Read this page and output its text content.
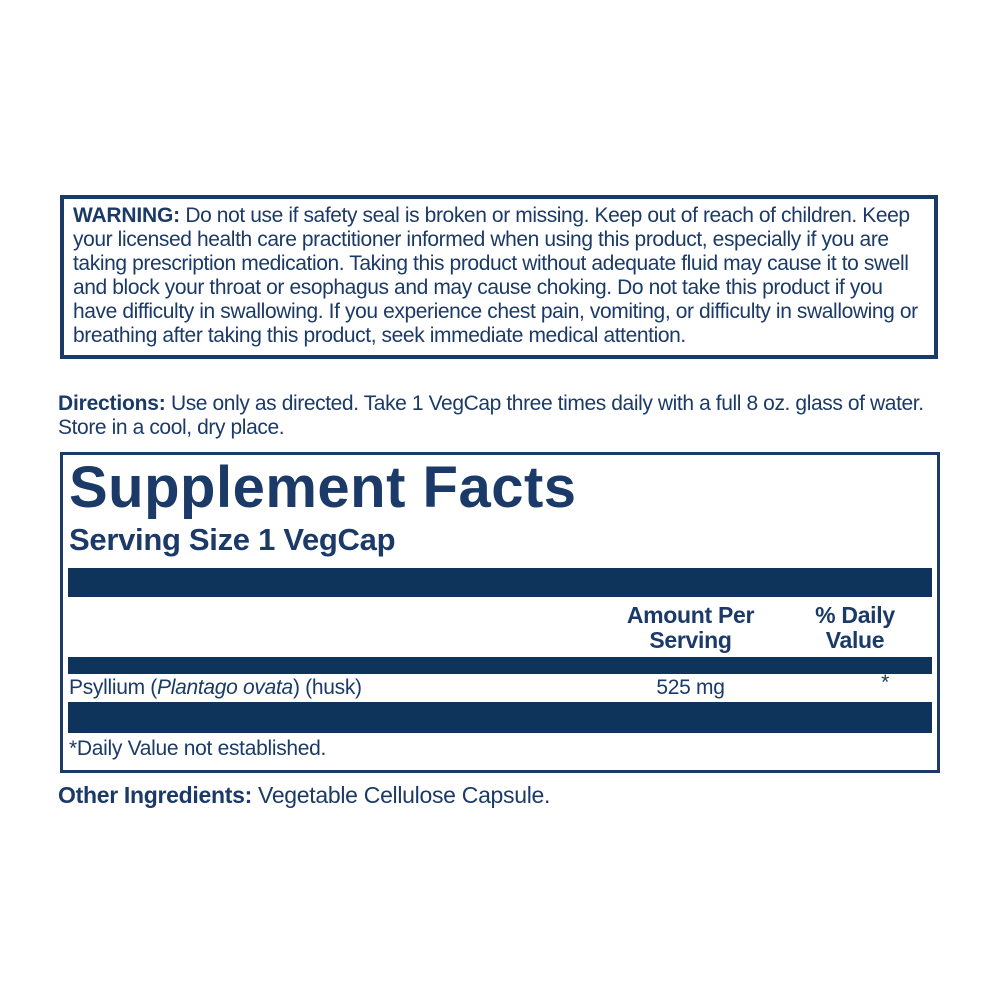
WARNING: Do not use if safety seal is broken or missing. Keep out of reach of children. Keep your licensed health care practitioner informed when using this product, especially if you are taking prescription medication. Taking this product without adequate fluid may cause it to swell and block your throat or esophagus and may cause choking. Do not take this product if you have difficulty in swallowing. If you experience chest pain, vomiting, or difficulty in swallowing or breathing after taking this product, seek immediate medical attention.

Directions: Use only as directed. Take 1 VegCap three times daily with a full 8 oz. glass of water. Store in a cool, dry place.
Supplement Facts
Serving Size 1 VegCap
Amount Per
Serving
% Daily
Value
Psyllium (Plantago ovata) (husk)	525 mg	*
*Daily Value not established.
Other Ingredients: Vegetable Cellulose Capsule.
